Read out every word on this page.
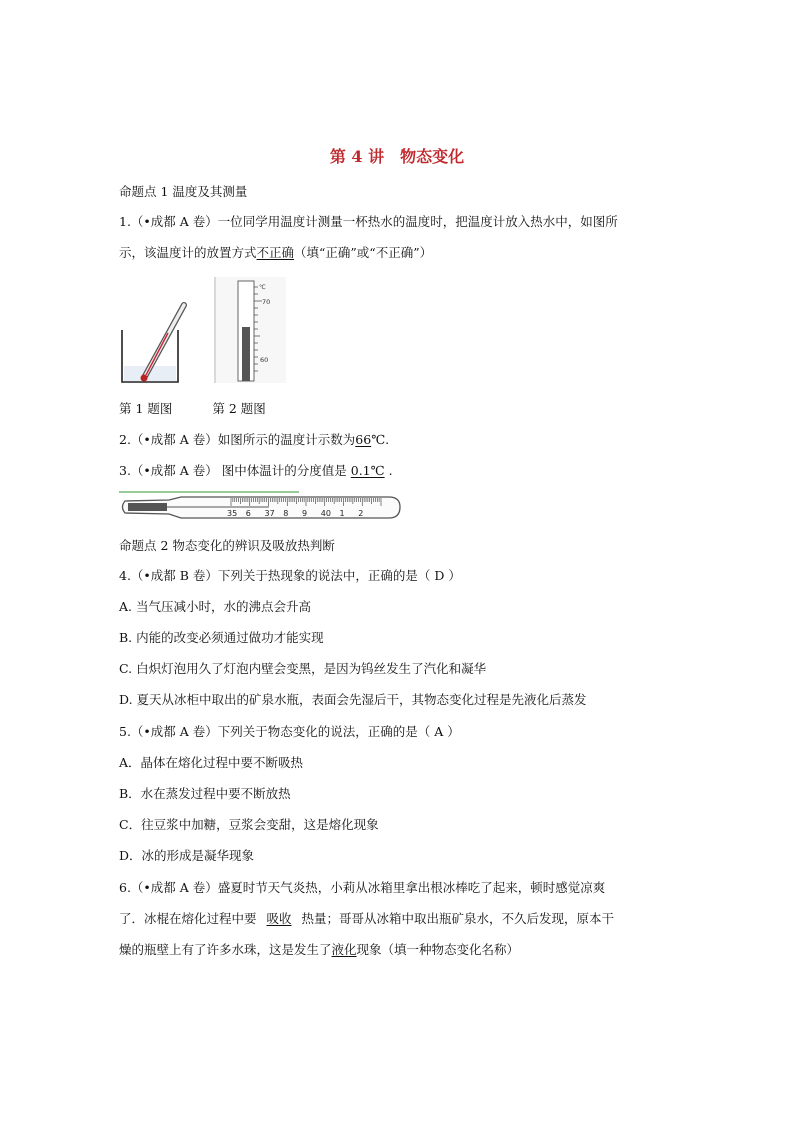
第 4 讲　物态变化
命题点 1 温度及其测量
1.（•成都 A 卷）一位同学用温度计测量一杯热水的温度时，把温度计放入热水中，如图所
示，该温度计的放置方式不正确（填“正确”或“不正确”）
℃
70
60
第 1 题图	第 2 题图
2.（•成都 A 卷）如图所示的温度计示数为66℃.
3.（•成都 A 卷） 图中体温计的分度值是 0.1℃ .
35 6 37 8 9 40 1 2
命题点 2 物态变化的辨识及吸放热判断
4.（•成都 B 卷）下列关于热现象的说法中，正确的是（ D ）
A. 当气压减小时，水的沸点会升高
B. 内能的改变必须通过做功才能实现
C. 白炽灯泡用久了灯泡内壁会变黑，是因为钨丝发生了汽化和凝华
D. 夏天从冰柜中取出的矿泉水瓶，表面会先湿后干，其物态变化过程是先液化后蒸发
5.（•成都 A 卷）下列关于物态变化的说法，正确的是（ A ）
A．晶体在熔化过程中要不断吸热
B．水在蒸发过程中要不断放热
C．往豆浆中加糖，豆浆会变甜，这是熔化现象
D．冰的形成是凝华现象
6.（•成都 A 卷）盛夏时节天气炎热，小莉从冰箱里拿出根冰棒吃了起来，顿时感觉凉爽
了．冰棍在熔化过程中要 吸收 热量；哥哥从冰箱中取出瓶矿泉水，不久后发现，原本干
燥的瓶壁上有了许多水珠，这是发生了液化现象（填一种物态变化名称）
